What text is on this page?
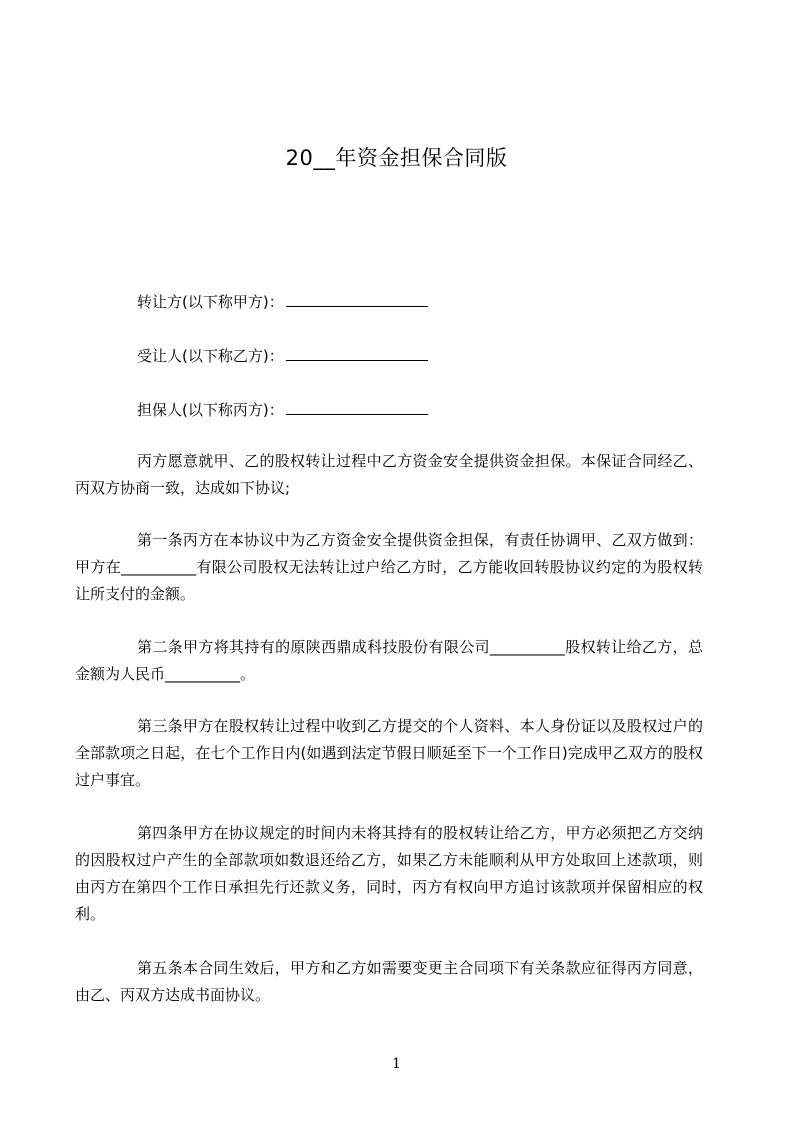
20__年资金担保合同版
转让方(以下称甲方)：
受让人(以下称乙方)：
担保人(以下称丙方)：
丙方愿意就甲、乙的股权转让过程中乙方资金安全提供资金担保。本保证合同经乙、丙双方协商一致，达成如下协议;
第一条丙方在本协议中为乙方资金安全提供资金担保，有责任协调甲、乙双方做到：甲方在__________有限公司股权无法转让过户给乙方时，乙方能收回转股协议约定的为股权转让所支付的金额。
第二条甲方将其持有的原陕西鼎成科技股份有限公司__________股权转让给乙方，总金额为人民币__________。
第三条甲方在股权转让过程中收到乙方提交的个人资料、本人身份证以及股权过户的全部款项之日起，在七个工作日内(如遇到法定节假日顺延至下一个工作日)完成甲乙双方的股权过户事宜。
第四条甲方在协议规定的时间内未将其持有的股权转让给乙方，甲方必须把乙方交纳的因股权过户产生的全部款项如数退还给乙方，如果乙方未能顺利从甲方处取回上述款项，则由丙方在第四个工作日承担先行还款义务，同时，丙方有权向甲方追讨该款项并保留相应的权利。
第五条本合同生效后，甲方和乙方如需要变更主合同项下有关条款应征得丙方同意，由乙、丙双方达成书面协议。
1
